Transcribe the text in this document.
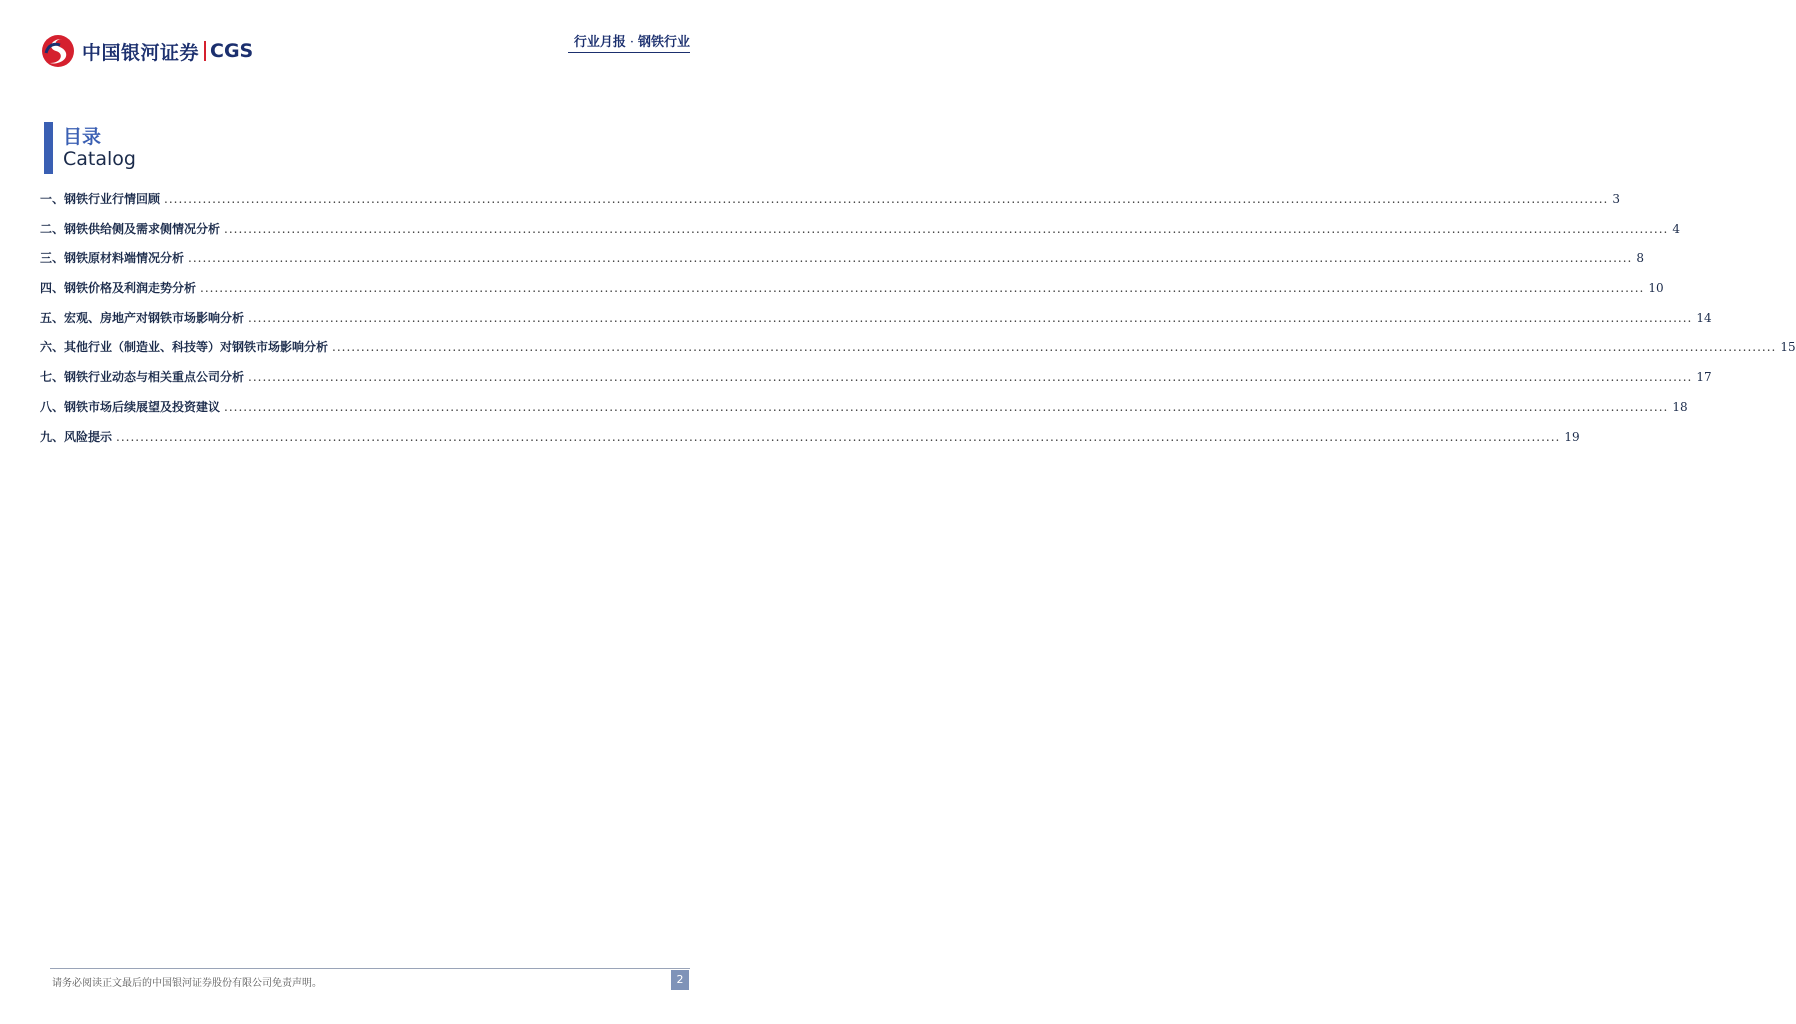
中国银河证券 CGS	行业月报 · 钢铁行业
目录
Catalog
一、 钢铁行业行情回顾 ............................................................................................................................................................................................................................................................................................................ 3
二、 钢铁供给侧及需求侧情况分析 ............................................................................................................................................................................................................................................................................................................ 4
三、 钢铁原材料端情况分析 ............................................................................................................................................................................................................................................................................................................ 8
四、 钢铁价格及利润走势分析 ............................................................................................................................................................................................................................................................................................................ 10
五、 宏观、房地产对钢铁市场影响分析 ............................................................................................................................................................................................................................................................................................................ 14
六、 其他行业（制造业、科技等）对钢铁市场影响分析 ............................................................................................................................................................................................................................................................................................................ 15
七、 钢铁行业动态与相关重点公司分析 ............................................................................................................................................................................................................................................................................................................ 17
八、 钢铁市场后续展望及投资建议 ............................................................................................................................................................................................................................................................................................................ 18
九、 风险提示 ............................................................................................................................................................................................................................................................................................................ 19
请务必阅读正文最后的中国银河证券股份有限公司免责声明。	2
